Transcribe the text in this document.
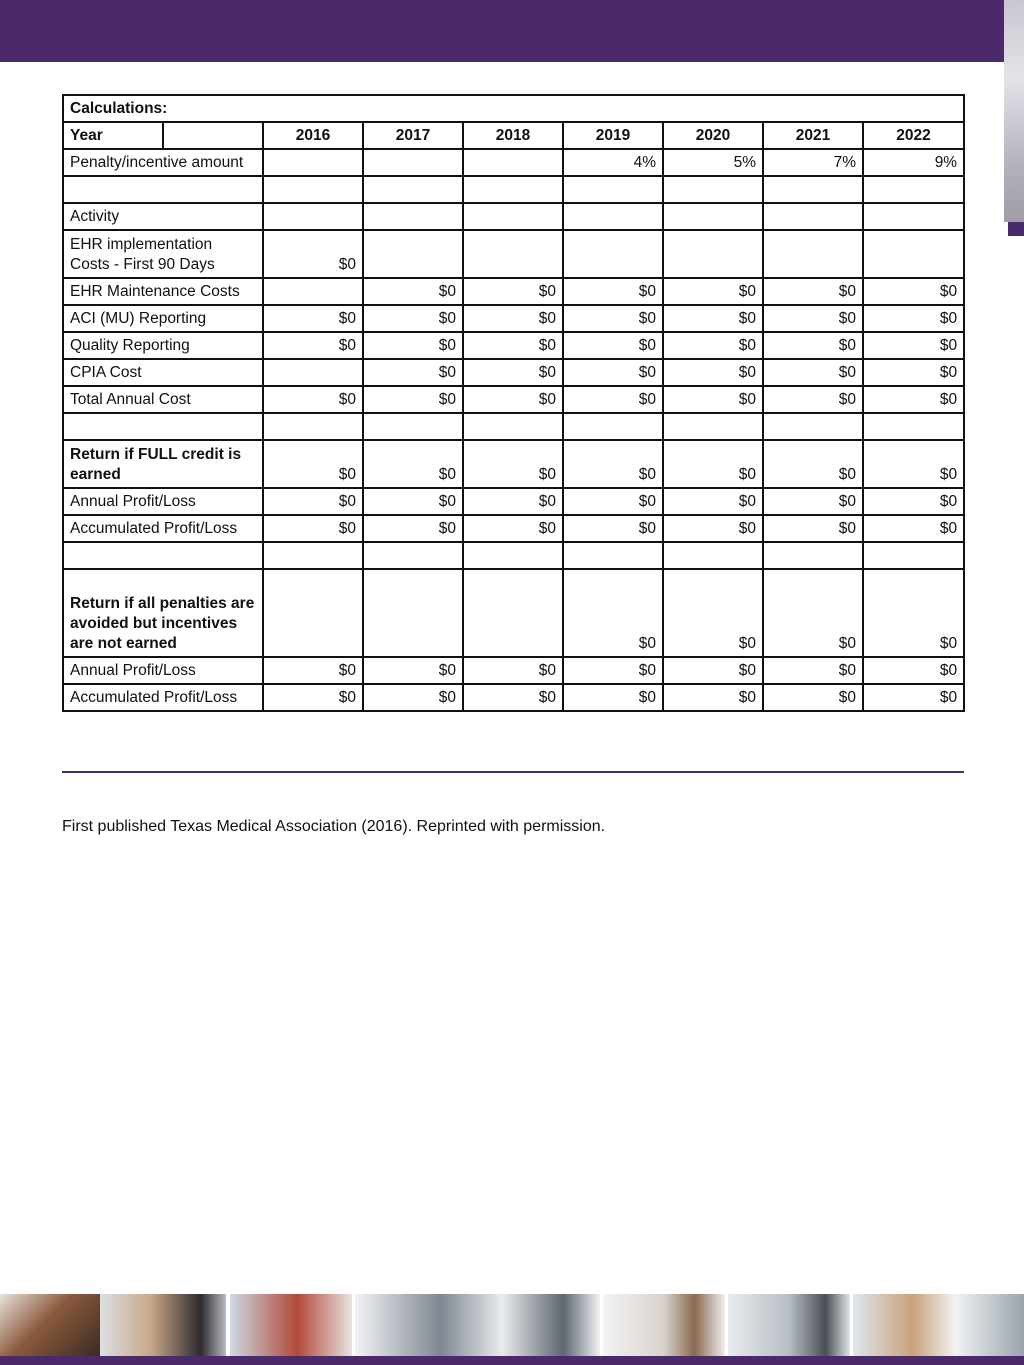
Calculations:								
Year		2016	2017	2018	2019	2020	2021	2022
Penalty/incentive amount					4%	5%	7%	9%

Activity								
EHR implementation Costs - First 90 Days		$0						
EHR Maintenance Costs			$0	$0	$0	$0	$0	$0
ACI (MU) Reporting		$0	$0	$0	$0	$0	$0	$0
Quality Reporting		$0	$0	$0	$0	$0	$0	$0
CPIA Cost			$0	$0	$0	$0	$0	$0
Total Annual Cost		$0	$0	$0	$0	$0	$0	$0

Return if FULL credit is earned		$0	$0	$0	$0	$0	$0	$0
Annual Profit/Loss		$0	$0	$0	$0	$0	$0	$0
Accumulated Profit/Loss		$0	$0	$0	$0	$0	$0	$0

Return if all penalties are avoided but incentives are not earned					$0	$0	$0	$0
Annual Profit/Loss		$0	$0	$0	$0	$0	$0	$0
Accumulated Profit/Loss		$0	$0	$0	$0	$0	$0	$0
First published Texas Medical Association (2016). Reprinted with permission.
